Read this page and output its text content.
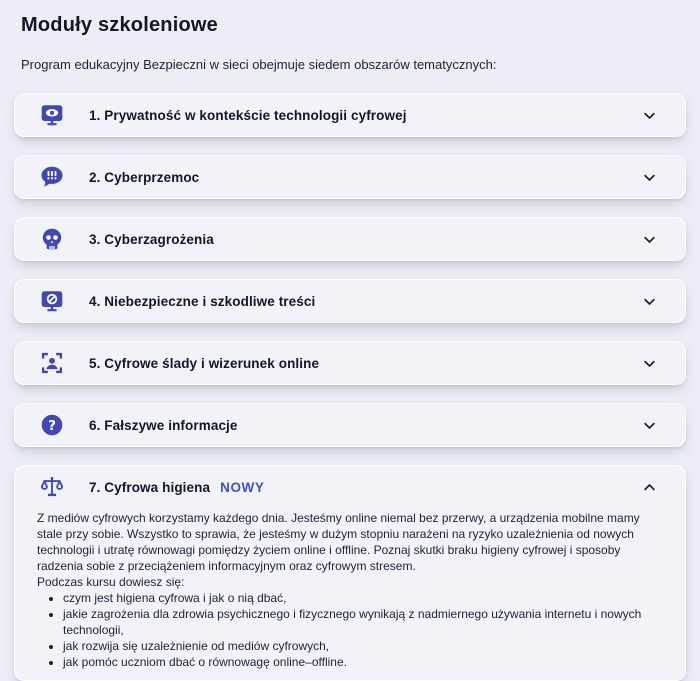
Moduły szkoleniowe

Program edukacyjny Bezpieczni w sieci obejmuje siedem obszarów tematycznych:

1. Prywatność w kontekście technologii cyfrowej
2. Cyberprzemoc
3. Cyberzagrożenia
4. Niebezpieczne i szkodliwe treści
5. Cyfrowe ślady i wizerunek online
? 6. Fałszywe informacje
7. Cyfrowa higiena NOWY

Z mediów cyfrowych korzystamy każdego dnia. Jesteśmy online niemal bez przerwy, a urządzenia mobilne mamy stale przy sobie. Wszystko to sprawia, że jesteśmy w dużym stopniu narażeni na ryzyko uzależnienia od nowych technologii i utratę równowagi pomiędzy życiem online i offline. Poznaj skutki braku higieny cyfrowej i sposoby radzenia sobie z przeciążeniem informacyjnym oraz cyfrowym stresem.

Podczas kursu dowiesz się:

• czym jest higiena cyfrowa i jak o nią dbać,
• jakie zagrożenia dla zdrowia psychicznego i fizycznego wynikają z nadmiernego używania internetu i nowych technologii,
• jak rozwija się uzależnienie od mediów cyfrowych,
• jak pomóc uczniom dbać o równowagę online–offline.
